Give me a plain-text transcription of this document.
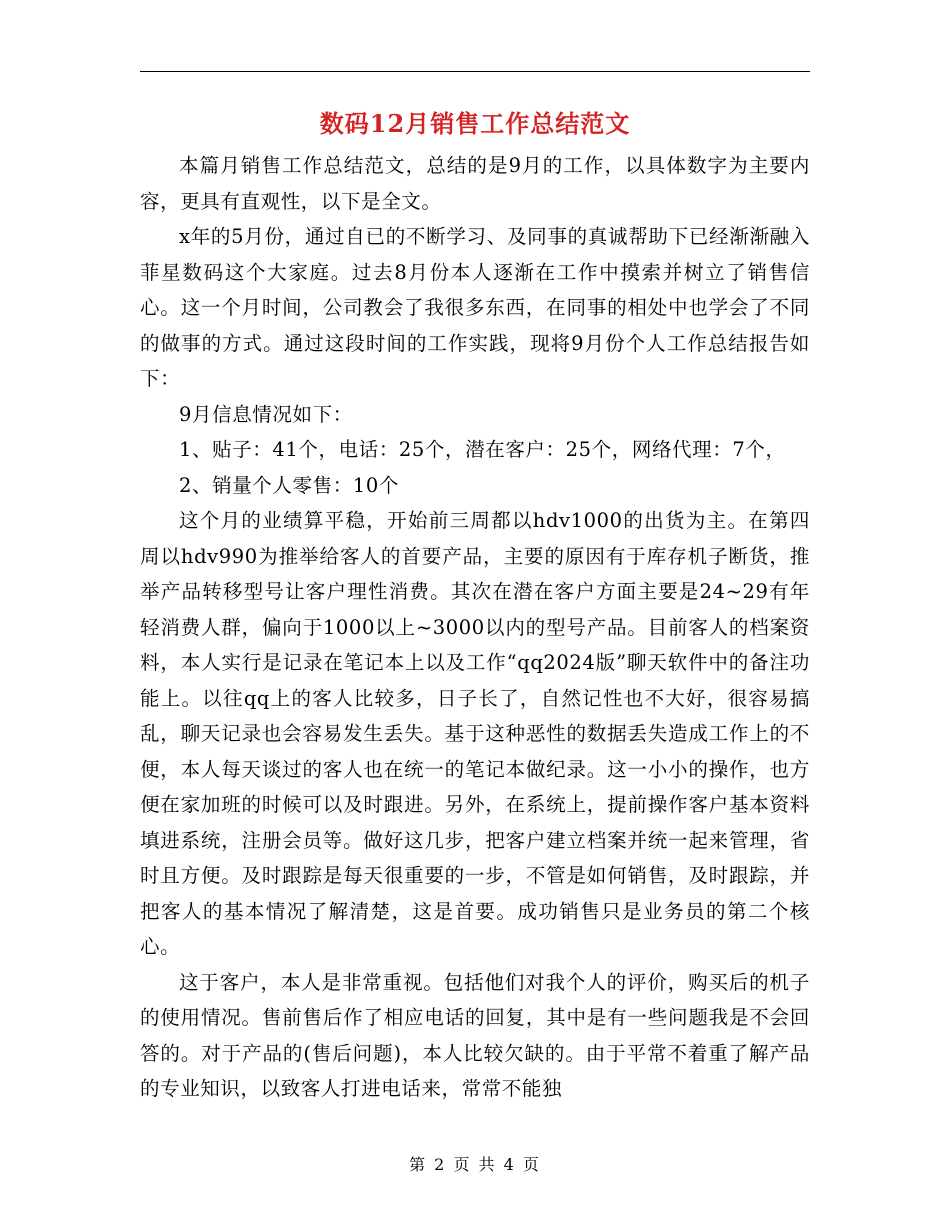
数码12月销售工作总结范文

本篇月销售工作总结范文，总结的是9月的工作，以具体数字为主要内容，更具有直观性，以下是全文。

x年的5月份，通过自已的不断学习、及同事的真诚帮助下已经渐渐融入菲星数码这个大家庭。过去8月份本人逐渐在工作中摸索并树立了销售信心。这一个月时间，公司教会了我很多东西，在同事的相处中也学会了不同的做事的方式。通过这段时间的工作实践，现将9月份个人工作总结报告如下：

9月信息情况如下：

1、贴子：41个，电话：25个，潜在客户：25个，网络代理：7个，

2、销量个人零售：10个

这个月的业绩算平稳，开始前三周都以hdv1000的出货为主。在第四周以hdv990为推举给客人的首要产品，主要的原因有于库存机子断货，推举产品转移型号让客户理性消费。其次在潜在客户方面主要是24~29有年轻消费人群，偏向于1000以上~3000以内的型号产品。目前客人的档案资料，本人实行是记录在笔记本上以及工作“qq2024版”聊天软件中的备注功能上。以往qq上的客人比较多，日子长了，自然记性也不大好，很容易搞乱，聊天记录也会容易发生丢失。基于这种恶性的数据丢失造成工作上的不便，本人每天谈过的客人也在统一的笔记本做纪录。这一小小的操作，也方便在家加班的时候可以及时跟进。另外，在系统上，提前操作客户基本资料填进系统，注册会员等。做好这几步，把客户建立档案并统一起来管理，省时且方便。及时跟踪是每天很重要的一步，不管是如何销售，及时跟踪，并把客人的基本情况了解清楚，这是首要。成功销售只是业务员的第二个核心。

这于客户，本人是非常重视。包括他们对我个人的评价，购买后的机子的使用情况。售前售后作了相应电话的回复，其中是有一些问题我是不会回答的。对于产品的(售后问题)，本人比较欠缺的。由于平常不着重了解产品的专业知识，以致客人打进电话来，常常不能独

第 2 页 共 4 页
